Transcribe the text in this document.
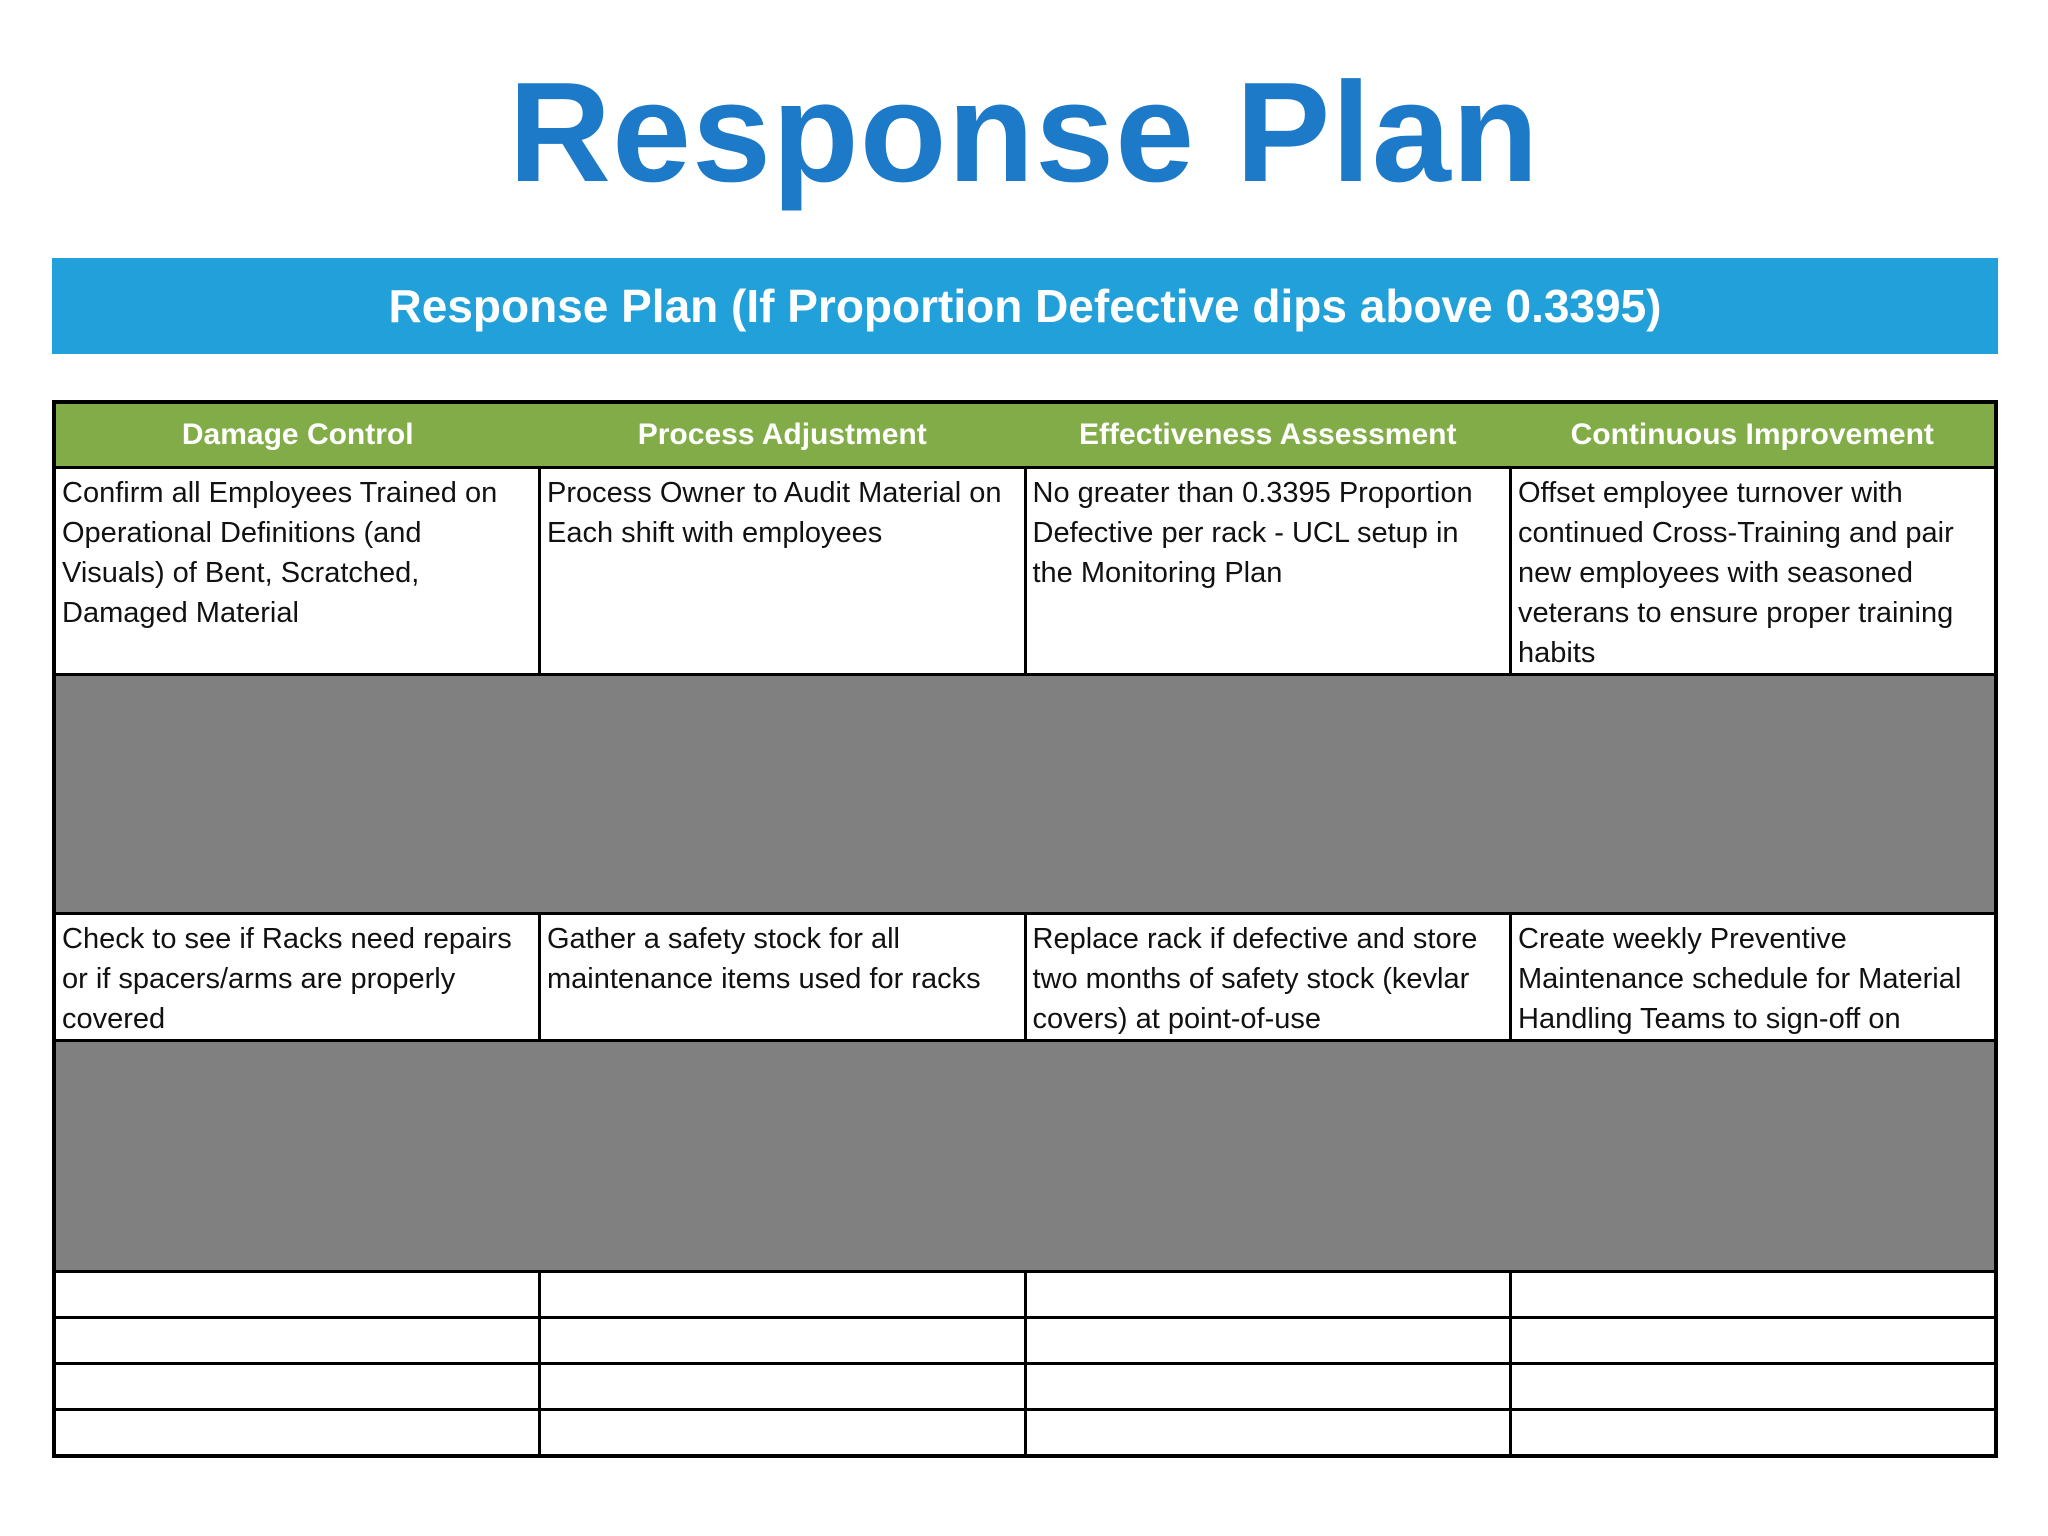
Response Plan
Response Plan (If Proportion Defective dips above 0.3395)
Damage Control	Process Adjustment	Effectiveness Assessment	Continuous Improvement
Confirm all Employees Trained on Operational Definitions (and Visuals) of Bent, Scratched, Damaged Material	Process Owner to Audit Material on Each shift with employees	No greater than 0.3395 Proportion Defective per rack - UCL setup in the Monitoring Plan	Offset employee turnover with continued Cross-Training and pair new employees with seasoned veterans to ensure proper training habits

Check to see if Racks need repairs or if spacers/arms are properly covered	Gather a safety stock for all maintenance items used for racks	Replace rack if defective and store two months of safety stock (kevlar covers) at point-of-use	Create weekly Preventive Maintenance schedule for Material Handling Teams to sign-off on
